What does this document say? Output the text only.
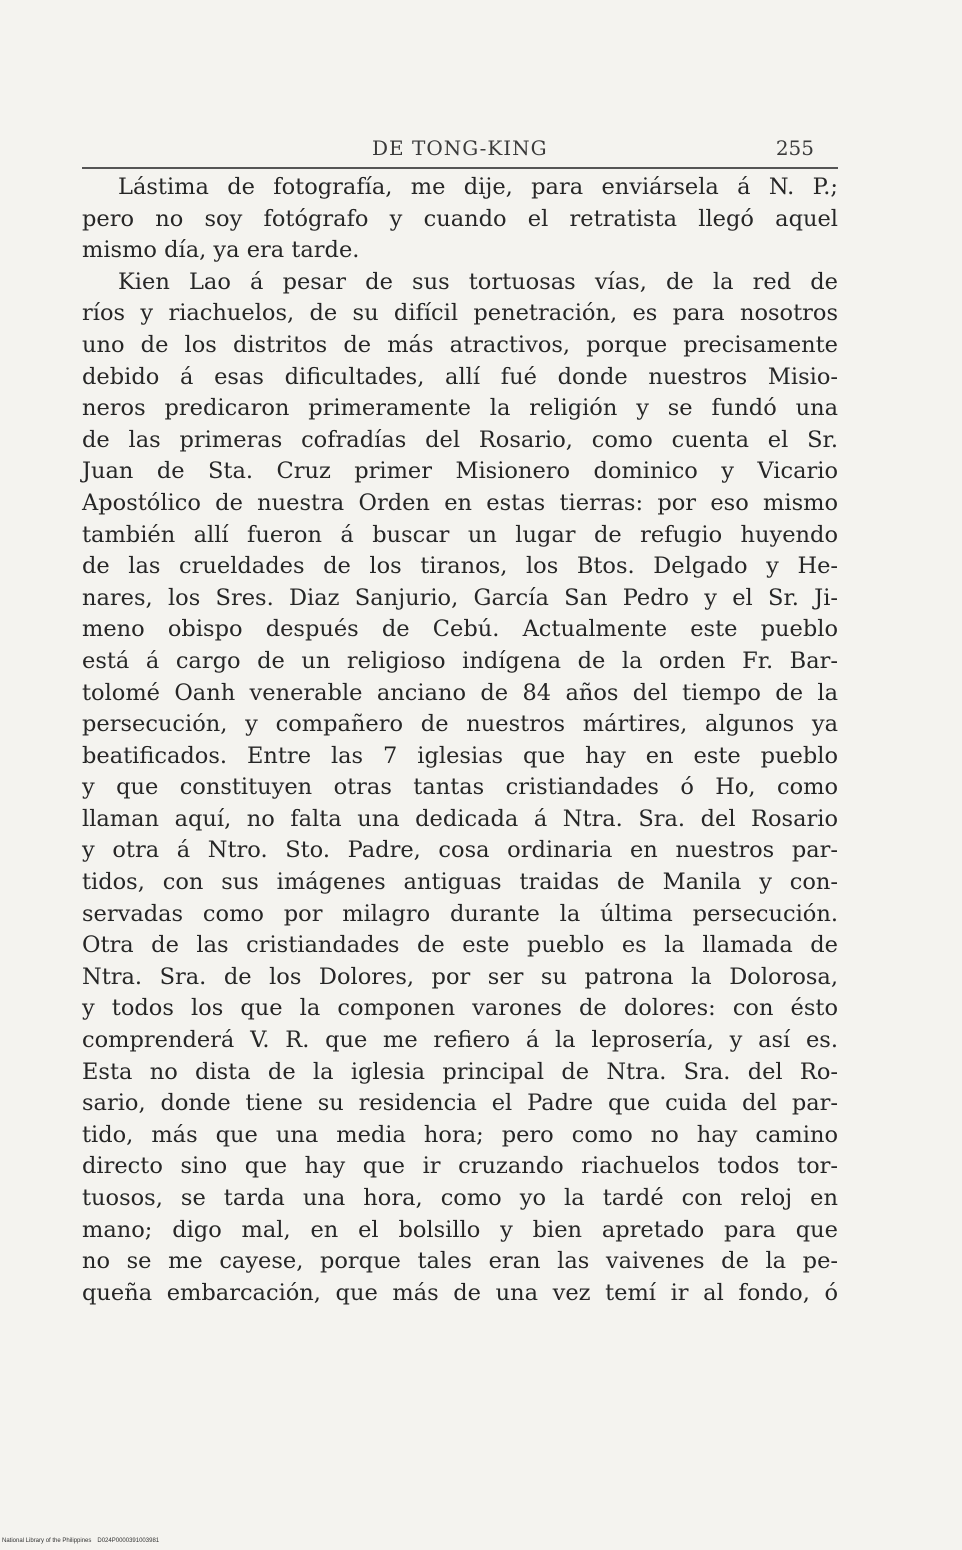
DE TONG-KING	255
Lástima de fotografía, me dije, para enviársela á N. P.;
pero no soy fotógrafo y cuando el retratista llegó aquel
mismo día, ya era tarde.
Kien Lao á pesar de sus tortuosas vías, de la red de
ríos y riachuelos, de su difícil penetración, es para nosotros
uno de los distritos de más atractivos, porque precisamente
debido á esas dificultades, allí fué donde nuestros Misio-
neros predicaron primeramente la religión y se fundó una
de las primeras cofradías del Rosario, como cuenta el Sr.
Juan de Sta. Cruz primer Misionero dominico y Vicario
Apostólico de nuestra Orden en estas tierras: por eso mismo
también allí fueron á buscar un lugar de refugio huyendo
de las crueldades de los tiranos, los Btos. Delgado y He-
nares, los Sres. Diaz Sanjurio, García San Pedro y el Sr. Ji-
meno obispo después de Cebú. Actualmente este pueblo
está á cargo de un religioso indígena de la orden Fr. Bar-
tolomé Oanh venerable anciano de 84 años del tiempo de la
persecución, y compañero de nuestros mártires, algunos ya
beatificados. Entre las 7 iglesias que hay en este pueblo
y que constituyen otras tantas cristiandades ó Ho, como
llaman aquí, no falta una dedicada á Ntra. Sra. del Rosario
y otra á Ntro. Sto. Padre, cosa ordinaria en nuestros par-
tidos, con sus imágenes antiguas traidas de Manila y con-
servadas como por milagro durante la última persecución.
Otra de las cristiandades de este pueblo es la llamada de
Ntra. Sra. de los Dolores, por ser su patrona la Dolorosa,
y todos los que la componen varones de dolores: con ésto
comprenderá V. R. que me refiero á la leprosería, y así es.
Esta no dista de la iglesia principal de Ntra. Sra. del Ro-
sario, donde tiene su residencia el Padre que cuida del par-
tido, más que una media hora; pero como no hay camino
directo sino que hay que ir cruzando riachuelos todos tor-
tuosos, se tarda una hora, como yo la tardé con reloj en
mano; digo mal, en el bolsillo y bien apretado para que
no se me cayese, porque tales eran las vaivenes de la pe-
queña embarcación, que más de una vez temí ir al fondo, ó
National Library of the Philippines D024P0000391003981
